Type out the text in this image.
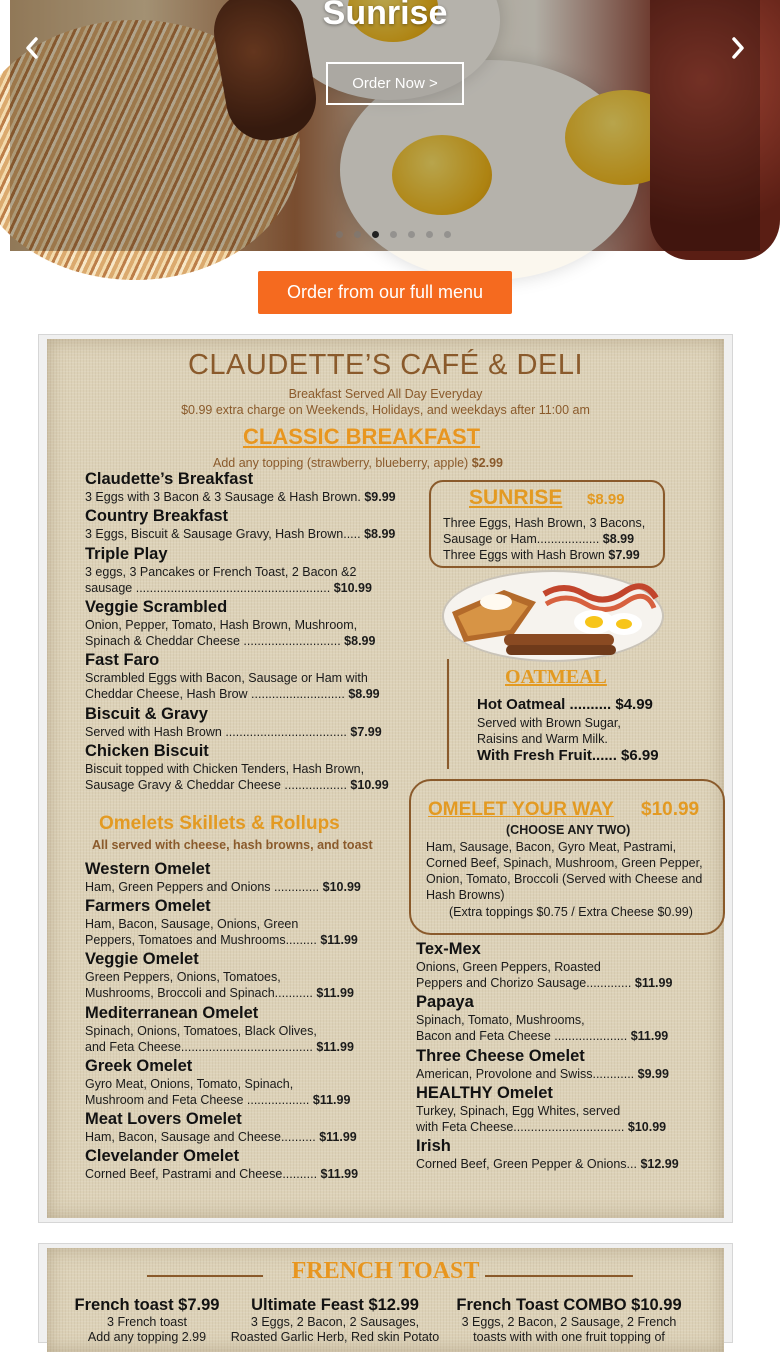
Sunrise
Order Now >
Order from our full menu
CLAUDETTE’S CAFÉ & DELI
Breakfast Served All Day Everyday
$0.99 extra charge on Weekends, Holidays, and weekdays after 11:00 am
CLASSIC BREAKFAST
Add any topping (strawberry, blueberry, apple) $2.99
Claudette’s Breakfast
3 Eggs with 3 Bacon & 3 Sausage & Hash Brown. $9.99
Country Breakfast
3 Eggs, Biscuit & Sausage Gravy, Hash Brown..... $8.99
Triple Play
3 eggs, 3 Pancakes or French Toast, 2 Bacon &2
sausage ........................................................ $10.99
Veggie Scrambled
Onion, Pepper, Tomato, Hash Brown, Mushroom,
Spinach & Cheddar Cheese ............................ $8.99
Fast Faro
Scrambled Eggs with Bacon, Sausage or Ham with
Cheddar Cheese, Hash Brow ........................... $8.99
Biscuit & Gravy
Served with Hash Brown ................................... $7.99
Chicken Biscuit
Biscuit topped with Chicken Tenders, Hash Brown,
Sausage Gravy & Cheddar Cheese .................. $10.99
SUNRISE $8.99
Three Eggs, Hash Brown, 3 Bacons,
Sausage or Ham.................. $8.99
Three Eggs with Hash Brown $7.99
OATMEAL
Hot Oatmeal .......... $4.99
Served with Brown Sugar,
Raisins and Warm Milk.
With Fresh Fruit...... $6.99
OMELET YOUR WAY $10.99
(CHOOSE ANY TWO)
Ham, Sausage, Bacon, Gyro Meat, Pastrami, Corned Beef, Spinach, Mushroom, Green Pepper, Onion, Tomato, Broccoli (Served with Cheese and Hash Browns)
(Extra toppings $0.75 / Extra Cheese $0.99)
Omelets Skillets & Rollups
All served with cheese, hash browns, and toast
Western Omelet
Ham, Green Peppers and Onions ............. $10.99
Farmers Omelet
Ham, Bacon, Sausage, Onions, Green
Peppers, Tomatoes and Mushrooms......... $11.99
Veggie Omelet
Green Peppers, Onions, Tomatoes,
Mushrooms, Broccoli and Spinach........... $11.99
Mediterranean Omelet
Spinach, Onions, Tomatoes, Black Olives,
and Feta Cheese...................................... $11.99
Greek Omelet
Gyro Meat, Onions, Tomato, Spinach,
Mushroom and Feta Cheese .................. $11.99
Meat Lovers Omelet
Ham, Bacon, Sausage and Cheese.......... $11.99
Clevelander Omelet
Corned Beef, Pastrami and Cheese.......... $11.99
Tex-Mex
Onions, Green Peppers, Roasted
Peppers and Chorizo Sausage............. $11.99
Papaya
Spinach, Tomato, Mushrooms,
Bacon and Feta Cheese ..................... $11.99
Three Cheese Omelet
American, Provolone and Swiss............ $9.99
HEALTHY Omelet
Turkey, Spinach, Egg Whites, served
with Feta Cheese................................ $10.99
Irish
Corned Beef, Green Pepper & Onions... $12.99
FRENCH TOAST
French toast $7.99
3 French toast
Add any topping 2.99
Ultimate Feast $12.99
3 Eggs, 2 Bacon, 2 Sausages,
Roasted Garlic Herb, Red skin Potato
French Toast COMBO $10.99
3 Eggs, 2 Bacon, 2 Sausage, 2 French
toasts with with one fruit topping of
